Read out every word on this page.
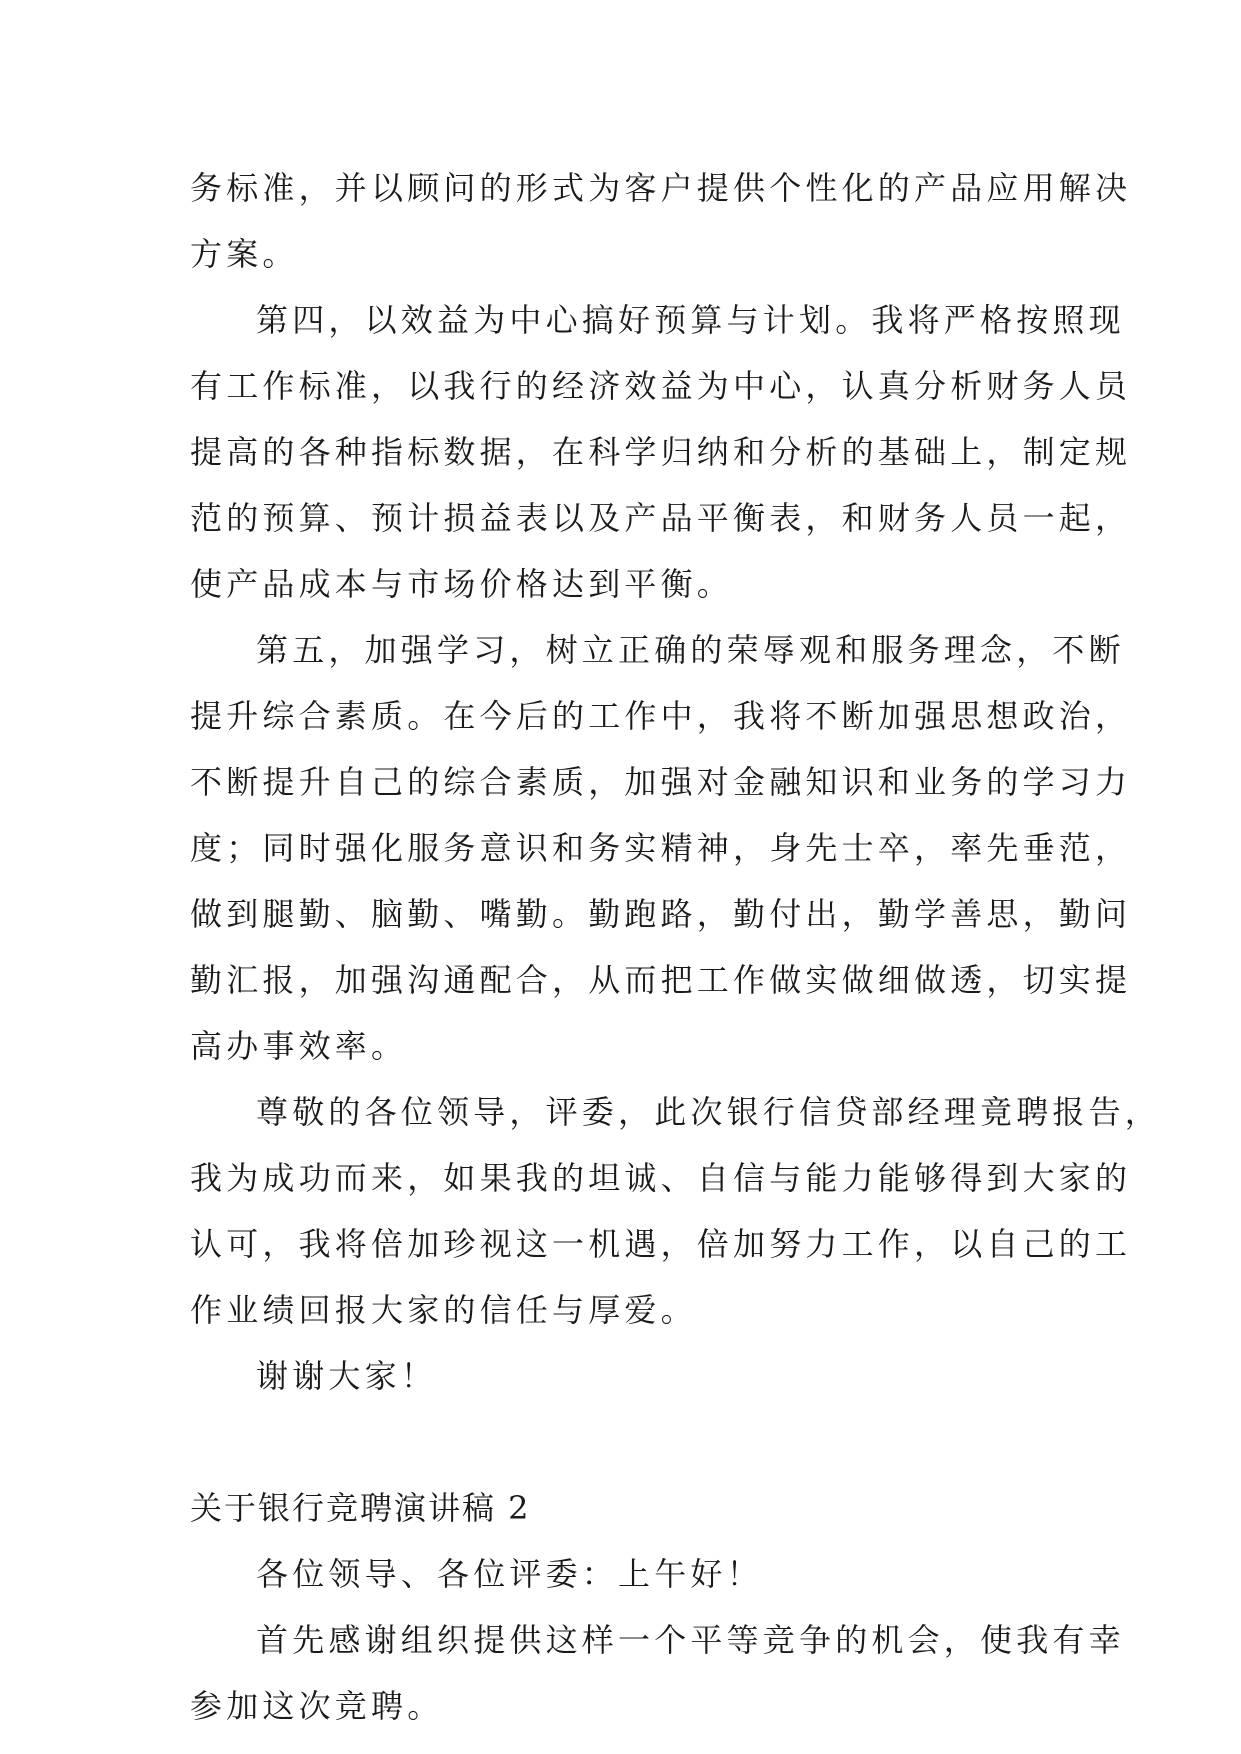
务标准，并以顾问的形式为客户提供个性化的产品应用解决
方案。
第四，以效益为中心搞好预算与计划。我将严格按照现
有工作标准，以我行的经济效益为中心，认真分析财务人员
提高的各种指标数据，在科学归纳和分析的基础上，制定规
范的预算、预计损益表以及产品平衡表，和财务人员一起，
使产品成本与市场价格达到平衡。
第五，加强学习，树立正确的荣辱观和服务理念，不断
提升综合素质。在今后的工作中，我将不断加强思想政治，
不断提升自己的综合素质，加强对金融知识和业务的学习力
度；同时强化服务意识和务实精神，身先士卒，率先垂范，
做到腿勤、脑勤、嘴勤。勤跑路，勤付出，勤学善思，勤问
勤汇报，加强沟通配合，从而把工作做实做细做透，切实提
高办事效率。
尊敬的各位领导，评委，此次银行信贷部经理竟聘报告，
我为成功而来，如果我的坦诚、自信与能力能够得到大家的
认可，我将倍加珍视这一机遇，倍加努力工作，以自己的工
作业绩回报大家的信任与厚爱。
谢谢大家！
关于银行竞聘演讲稿 2
各位领导、各位评委：上午好！
首先感谢组织提供这样一个平等竞争的机会，使我有幸
参加这次竞聘。
